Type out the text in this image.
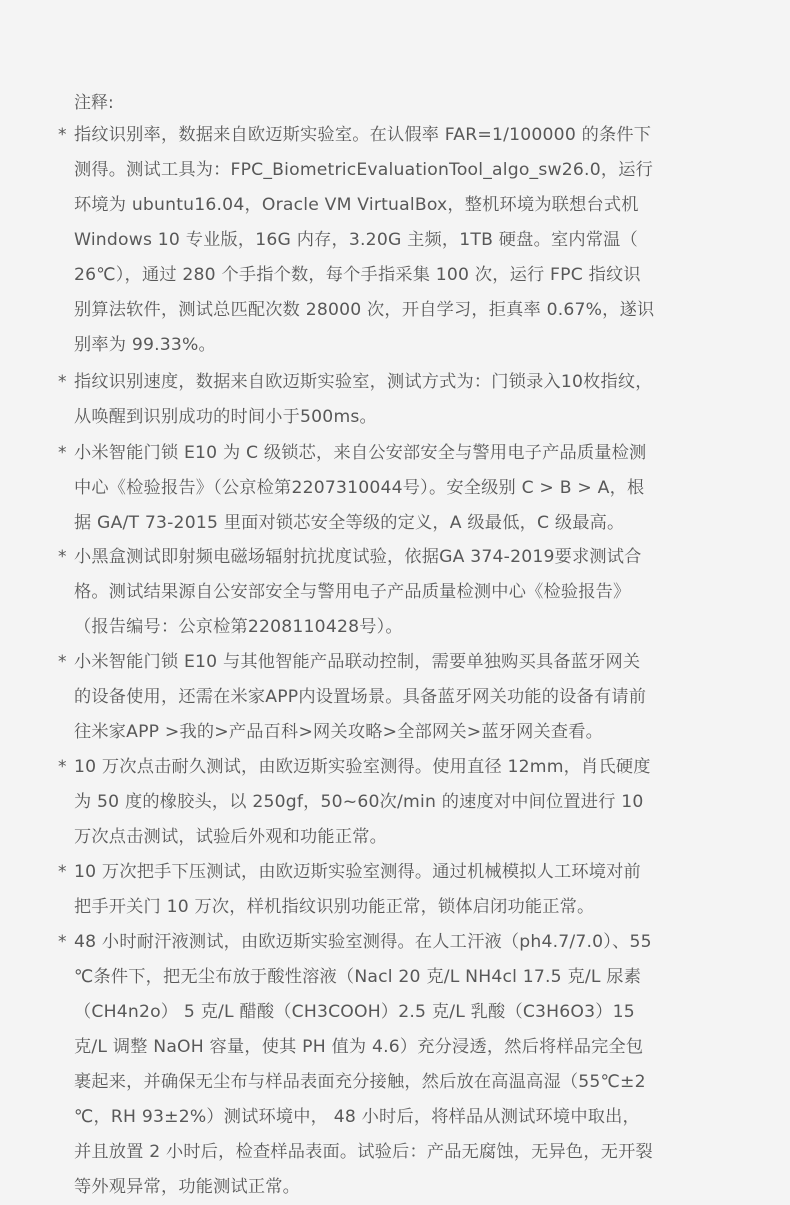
注释:
* 指纹识别率，数据来自欧迈斯实验室。在认假率 FAR=1/100000 的条件下
测得。测试工具为：FPC_BiometricEvaluationTool_algo_sw26.0，运行
环境为 ubuntu16.04，Oracle VM VirtualBox，整机环境为联想台式机
Windows 10 专业版，16G 内存，3.20G 主频，1TB 硬盘。室内常温（
26℃），通过 280 个手指个数，每个手指采集 100 次，运行 FPC 指纹识
别算法软件，测试总匹配次数 28000 次，开自学习，拒真率 0.67%，遂识
别率为 99.33%。
* 指纹识别速度，数据来自欧迈斯实验室，测试方式为：门锁录入10枚指纹，
从唤醒到识别成功的时间小于500ms。
* 小米智能门锁 E10 为 C 级锁芯，来自公安部安全与警用电子产品质量检测
中心《检验报告》（公京检第2207310044号）。安全级别 C > B > A，根
据 GA/T 73-2015 里面对锁芯安全等级的定义，A 级最低，C 级最高。
* 小黑盒测试即射频电磁场辐射抗扰度试验，依据GA 374-2019要求测试合
格。测试结果源自公安部安全与警用电子产品质量检测中心《检验报告》
（报告编号：公京检第2208110428号）。
* 小米智能门锁 E10 与其他智能产品联动控制，需要单独购买具备蓝牙网关
的设备使用，还需在米家APP内设置场景。具备蓝牙网关功能的设备有请前
往米家APP >我的>产品百科>网关攻略>全部网关>蓝牙网关查看。
* 10 万次点击耐久测试，由欧迈斯实验室测得。使用直径 12mm，肖氏硬度
为 50 度的橡胶头，以 250gf，50~60次/min 的速度对中间位置进行 10
万次点击测试，试验后外观和功能正常。
* 10 万次把手下压测试，由欧迈斯实验室测得。通过机械模拟人工环境对前
把手开关门 10 万次，样机指纹识别功能正常，锁体启闭功能正常。
* 48 小时耐汗液测试，由欧迈斯实验室测得。在人工汗液（ph4.7/7.0）、55
℃条件下，把无尘布放于酸性溶液（Nacl 20 克/L NH4cl 17.5 克/L 尿素
（CH4n2o） 5 克/L 醋酸（CH3COOH）2.5 克/L 乳酸（C3H6O3）15
克/L 调整 NaOH 容量，使其 PH 值为 4.6）充分浸透，然后将样品完全包
裹起来，并确保无尘布与样品表面充分接触，然后放在高温高湿（55℃±2
℃，RH 93±2%）测试环境中， 48 小时后，将样品从测试环境中取出，
并且放置 2 小时后，检查样品表面。试验后：产品无腐蚀，无异色，无开裂
等外观异常，功能测试正常。
